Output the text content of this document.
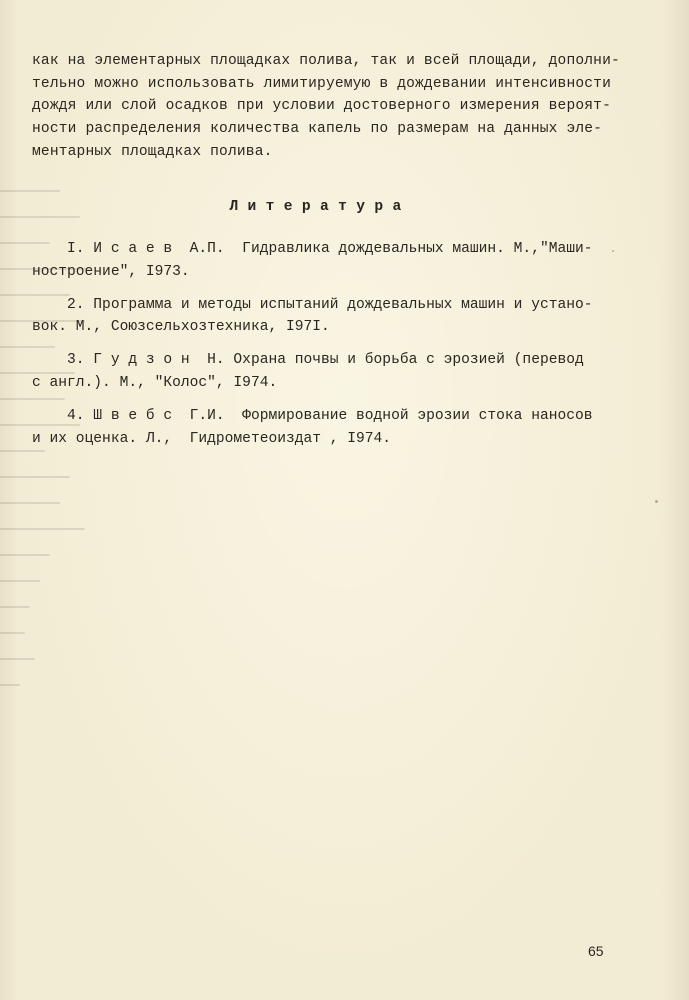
как на элементарных площадках полива, так и всей площади, дополни-
тельно можно использовать лимитируемую в дождевании интенсивности
дождя или слой осадков при условии достоверного измерения вероят-
ности распределения количества капель по размерам на данных эле-
ментарных площадках полива.

Л и т е р а т у р а
I. И с а е в  А.П.  Гидравлика дождевальных машин. М.,"Маши-
ностроение", I973.
2. Программа и методы испытаний дождевальных машин и устано-
вок. М., Союзсельхозтехника, I97I.
3. Г у д з о н  Н. Охрана почвы и борьба с эрозией (перевод
с англ.). М., "Колос", I974.
4. Ш в е б с  Г.И.  Формирование водной эрозии стока наносов
и их оценка. Л.,  Гидрометеоиздат , I974.

65
